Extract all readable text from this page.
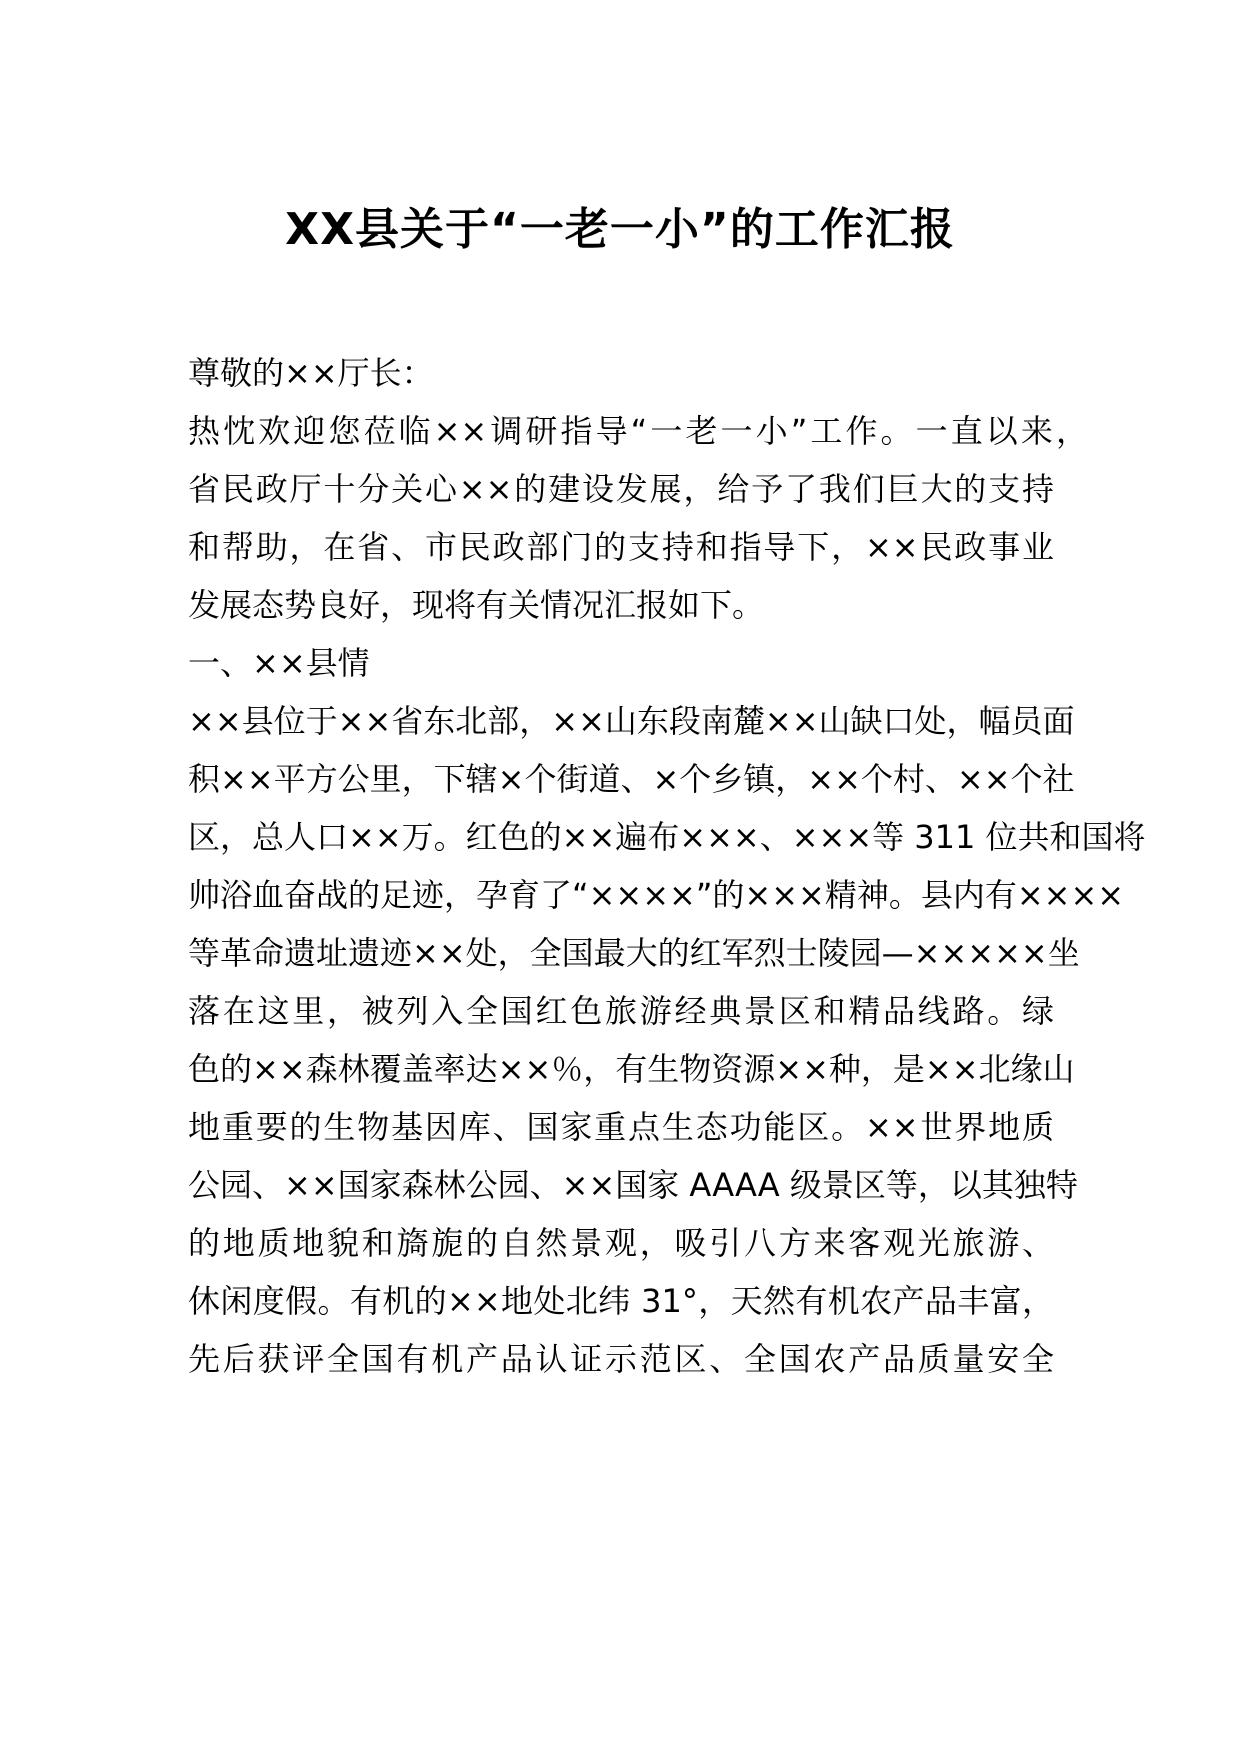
XX县关于“一老一小”的工作汇报
尊敬的××厅长：
热忱欢迎您莅临××调研指导“一老一小”工作。一直以来，
省民政厅十分关心××的建设发展，给予了我们巨大的支持
和帮助，在省、市民政部门的支持和指导下，××民政事业
发展态势良好，现将有关情况汇报如下。
一、××县情
××县位于××省东北部，××山东段南麓××山缺口处，幅员面
积××平方公里，下辖×个街道、×个乡镇，××个村、××个社
区，总人口××万。红色的××遍布×××、×××等 311 位共和国将
帅浴血奋战的足迹，孕育了“××××”的×××精神。县内有××××
等革命遗址遗迹××处，全国最大的红军烈士陵园—×××××坐
落在这里，被列入全国红色旅游经典景区和精品线路。绿
色的××森林覆盖率达××％，有生物资源××种，是××北缘山
地重要的生物基因库、国家重点生态功能区。××世界地质
公园、××国家森林公园、××国家 AAAA 级景区等，以其独特
的地质地貌和旖旎的自然景观，吸引八方来客观光旅游、
休闲度假。有机的××地处北纬 31°，天然有机农产品丰富，
先后获评全国有机产品认证示范区、全国农产品质量安全
